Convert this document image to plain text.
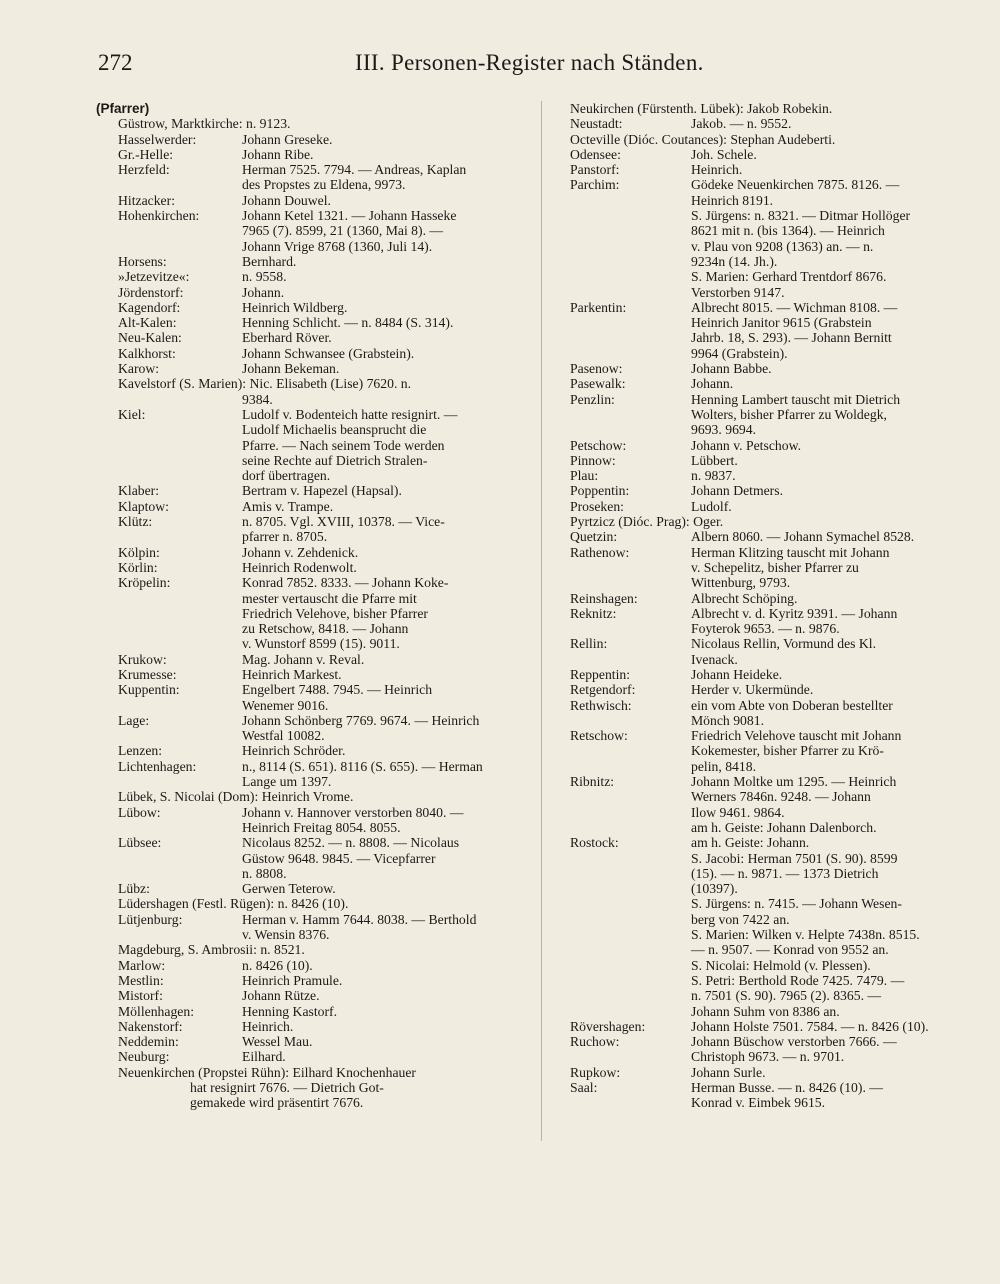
272	III. Personen-Register nach Ständen.
(Pfarrer)
Güstrow, Marktkirche: n. 9123.
Hasselwerder:	Johann Greseke.
Gr.-Helle:	Johann Ribe.
Herzfeld:	Herman 7525. 7794. — Andreas, Kaplan
des Propstes zu Eldena, 9973.
Hitzacker:	Johann Douwel.
Hohenkirchen:	Johann Ketel 1321. — Johann Hasseke
7965 (7). 8599, 21 (1360, Mai 8). —
Johann Vrige 8768 (1360, Juli 14).
Horsens:	Bernhard.
»Jetzevitze«:	n. 9558.
Jördenstorf:	Johann.
Kagendorf:	Heinrich Wildberg.
Alt-Kalen:	Henning Schlicht. — n. 8484 (S. 314).
Neu-Kalen:	Eberhard Röver.
Kalkhorst:	Johann Schwansee (Grabstein).
Karow:	Johann Bekeman.
Kavelstorf (S. Marien): Nic. Elisabeth (Lise) 7620. n.
9384.
Kiel:	Ludolf v. Bodenteich hatte resignirt. —
Ludolf Michaelis beansprucht die
Pfarre. — Nach seinem Tode werden
seine Rechte auf Dietrich Stralen-
dorf übertragen.
Klaber:	Bertram v. Hapezel (Hapsal).
Klaptow:	Amis v. Trampe.
Klütz:	n. 8705. Vgl. XVIII, 10378. — Vice-
pfarrer n. 8705.
Kölpin:	Johann v. Zehdenick.
Körlin:	Heinrich Rodenwolt.
Kröpelin:	Konrad 7852. 8333. — Johann Koke-
mester vertauscht die Pfarre mit
Friedrich Velehove, bisher Pfarrer
zu Retschow, 8418. — Johann
v. Wunstorf 8599 (15). 9011.
Krukow:	Mag. Johann v. Reval.
Krumesse:	Heinrich Markest.
Kuppentin:	Engelbert 7488. 7945. — Heinrich
Wenemer 9016.
Lage:	Johann Schönberg 7769. 9674. — Heinrich
Westfal 10082.
Lenzen:	Heinrich Schröder.
Lichtenhagen:	n., 8114 (S. 651). 8116 (S. 655). — Herman
Lange um 1397.
Lübek, S. Nicolai (Dom): Heinrich Vrome.
Lübow:	Johann v. Hannover verstorben 8040. —
Heinrich Freitag 8054. 8055.
Lübsee:	Nicolaus 8252. — n. 8808. — Nicolaus
Güstow 9648. 9845. — Vicepfarrer
n. 8808.
Lübz:	Gerwen Teterow.
Lüdershagen (Festl. Rügen): n. 8426 (10).
Lütjenburg:	Herman v. Hamm 7644. 8038. — Berthold
v. Wensin 8376.
Magdeburg, S. Ambrosii: n. 8521.
Marlow:	n. 8426 (10).
Mestlin:	Heinrich Pramule.
Mistorf:	Johann Rütze.
Möllenhagen:	Henning Kastorf.
Nakenstorf:	Heinrich.
Neddemin:	Wessel Mau.
Neuburg:	Eilhard.
Neuenkirchen (Propstei Rühn): Eilhard Knochenhauer
hat resignirt 7676. — Dietrich Got-
gemakede wird präsentirt 7676.
Neukirchen (Fürstenth. Lübek): Jakob Robekin.
Neustadt:	Jakob. — n. 9552.
Octeville (Dióc. Coutances): Stephan Audeberti.
Odensee:	Joh. Schele.
Panstorf:	Heinrich.
Parchim:	Gödeke Neuenkirchen 7875. 8126. —
Heinrich 8191.
S. Jürgens: n. 8321. — Ditmar Hollöger
8621 mit n. (bis 1364). — Heinrich
v. Plau von 9208 (1363) an. — n.
9234n (14. Jh.).
S. Marien: Gerhard Trentdorf 8676.
Verstorben 9147.
Parkentin:	Albrecht 8015. — Wichman 8108. —
Heinrich Janitor 9615 (Grabstein
Jahrb. 18, S. 293). — Johann Bernitt
9964 (Grabstein).
Pasenow:	Johann Babbe.
Pasewalk:	Johann.
Penzlin:	Henning Lambert tauscht mit Dietrich
Wolters, bisher Pfarrer zu Woldegk,
9693. 9694.
Petschow:	Johann v. Petschow.
Pinnow:	Lübbert.
Plau:	n. 9837.
Poppentin:	Johann Detmers.
Proseken:	Ludolf.
Pyrtzicz (Dióc. Prag): Oger.
Quetzin:	Albern 8060. — Johann Symachel 8528.
Rathenow:	Herman Klitzing tauscht mit Johann
v. Schepelitz, bisher Pfarrer zu
Wittenburg, 9793.
Reinshagen:	Albrecht Schöping.
Reknitz:	Albrecht v. d. Kyritz 9391. — Johann
Foyterok 9653. — n. 9876.
Rellin:	Nicolaus Rellin, Vormund des Kl.
Ivenack.
Reppentin:	Johann Heideke.
Retgendorf:	Herder v. Ukermünde.
Rethwisch:	ein vom Abte von Doberan bestellter
Mönch 9081.
Retschow:	Friedrich Velehove tauscht mit Johann
Kokemester, bisher Pfarrer zu Krö-
pelin, 8418.
Ribnitz:	Johann Moltke um 1295. — Heinrich
Werners 7846n. 9248. — Johann
Ilow 9461. 9864.
am h. Geiste: Johann Dalenborch.
Rostock:	am h. Geiste: Johann.
S. Jacobi: Herman 7501 (S. 90). 8599
(15). — n. 9871. — 1373 Dietrich
(10397).
S. Jürgens: n. 7415. — Johann Wesen-
berg von 7422 an.
S. Marien: Wilken v. Helpte 7438n. 8515.
— n. 9507. — Konrad von 9552 an.
S. Nicolai: Helmold (v. Plessen).
S. Petri: Berthold Rode 7425. 7479. —
n. 7501 (S. 90). 7965 (2). 8365. —
Johann Suhm von 8386 an.
Rövershagen:	Johann Holste 7501. 7584. — n. 8426 (10).
Ruchow:	Johann Büschow verstorben 7666. —
Christoph 9673. — n. 9701.
Rupkow:	Johann Surle.
Saal:	Herman Busse. — n. 8426 (10). —
Konrad v. Eimbek 9615.
